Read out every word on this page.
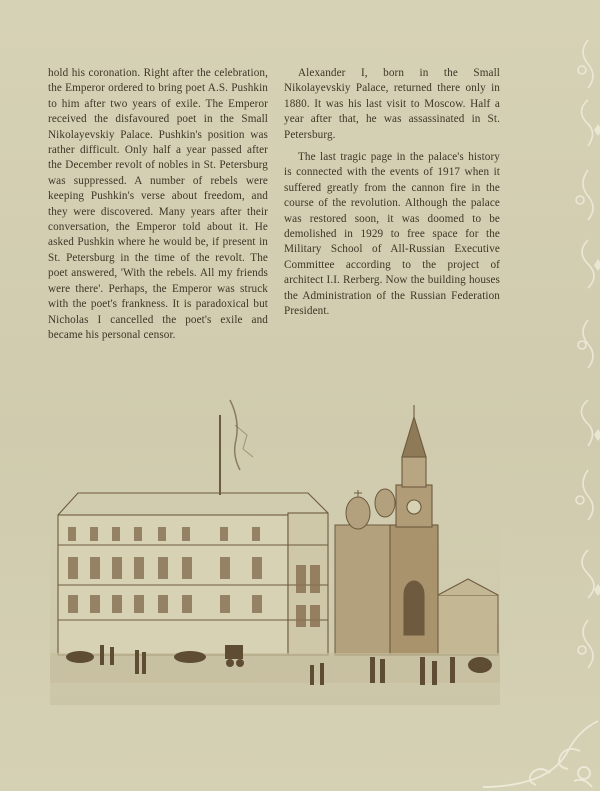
hold his coronation. Right after the celebration, the Emperor ordered to bring poet A.S. Pushkin to him after two years of exile. The Emperor received the disfavoured poet in the Small Nikolayevskiy Palace. Pushkin's position was rather difficult. Only half a year passed after the December revolt of nobles in St. Petersburg was suppressed. A number of rebels were keeping Pushkin's verse about freedom, and they were discovered. Many years after their conversation, the Emperor told about it. He asked Pushkin where he would be, if present in St. Petersburg in the time of the revolt. The poet answered, 'With the rebels. All my friends were there'. Perhaps, the Emperor was struck with the poet's frankness. It is paradoxical but Nicholas I cancelled the poet's exile and became his personal censor.

Alexander I, born in the Small Nikolayevskiy Palace, returned there only in 1880. It was his last visit to Moscow. Half a year after that, he was assassinated in St. Petersburg.

The last tragic page in the palace's history is connected with the events of 1917 when it suffered greatly from the cannon fire in the course of the revolution. Although the palace was restored soon, it was doomed to be demolished in 1929 to free space for the Military School of All-Russian Executive Committee according to the project of architect I.I. Rerberg. Now the building houses the Administration of the Russian Federation President.
